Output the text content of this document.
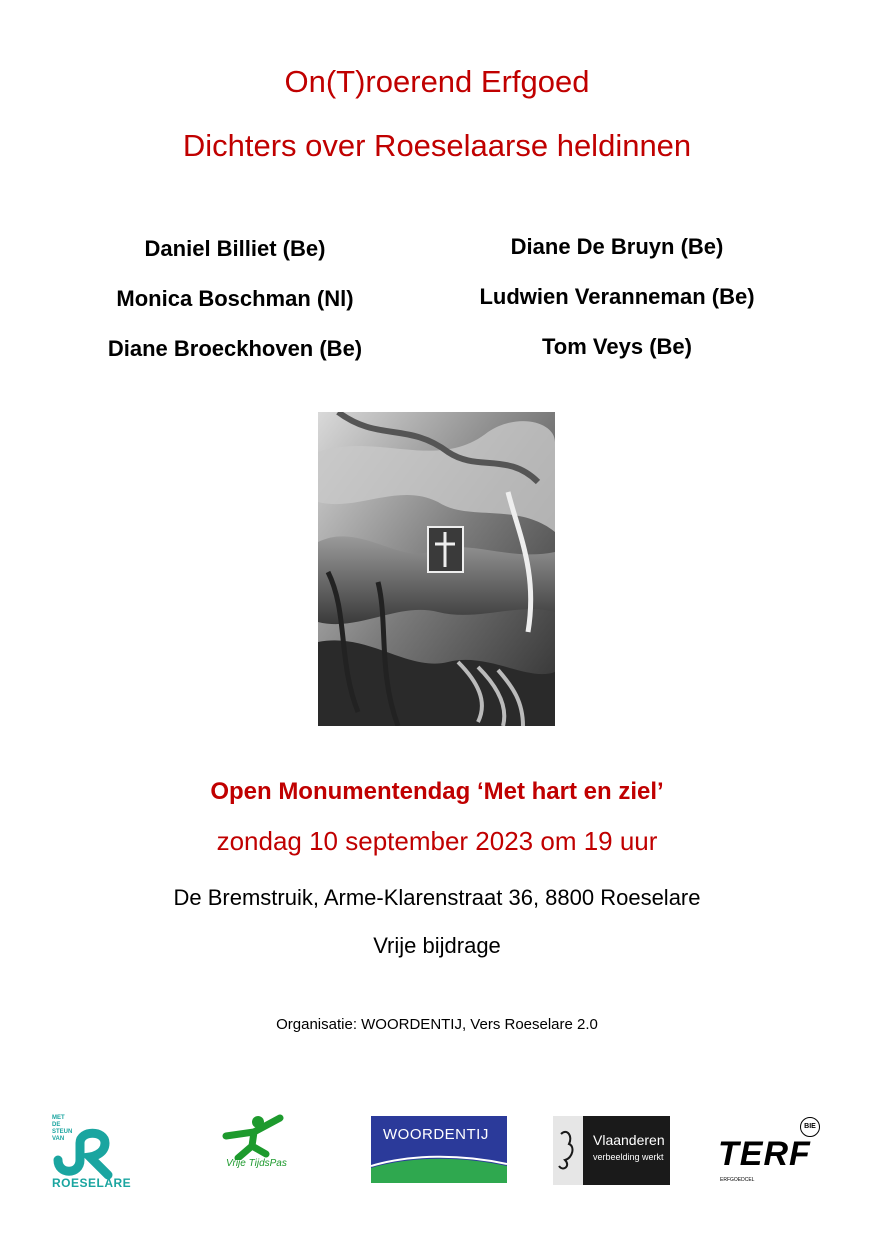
On(T)roerend Erfgoed
Dichters over Roeselaarse heldinnen
Daniel Billiet (Be)
Monica Boschman (Nl)
Diane Broeckhoven (Be)
Diane De Bruyn (Be)
Ludwien Veranneman (Be)
Tom Veys (Be)
Open Monumentendag ‘Met hart en ziel’
zondag 10 september 2023 om 19 uur
De Bremstruik, Arme-Klarenstraat 36, 8800 Roeselare
Vrije bijdrage
Organisatie: WOORDENTIJ, Vers Roeselare 2.0
MET DE STEUN VAN
ROESELARE
Vrije TijdsPas
WOORDENTIJ	Vlaanderen
verbeelding werkt TERF
BIE
ERFGOEDCEL
